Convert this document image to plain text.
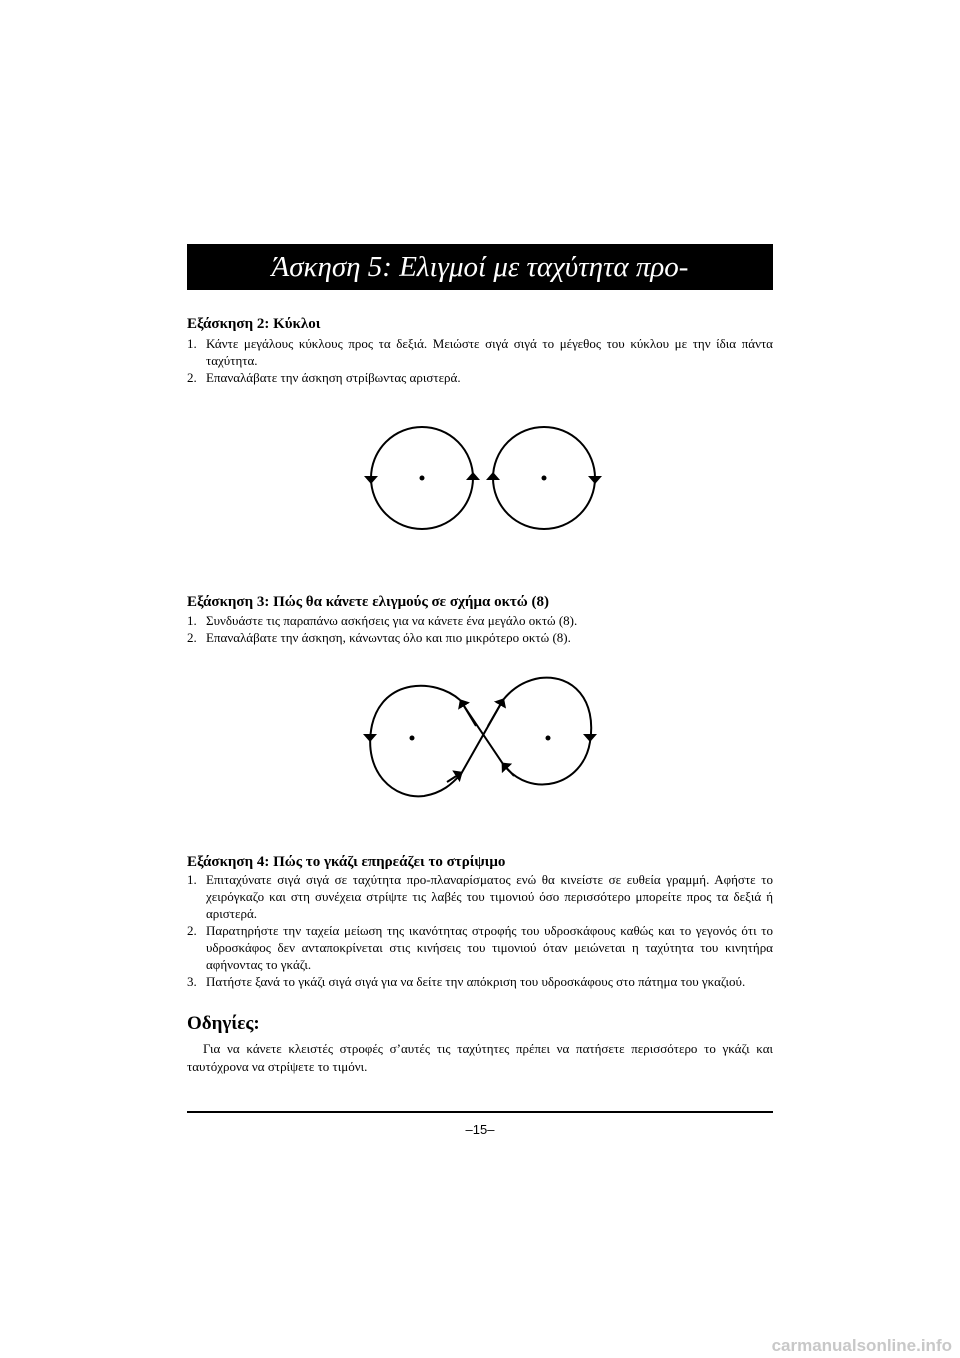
Άσκηση 5: Ελιγμοί με ταχύτητα προ-πλαναρίσματος
Εξάσκηση 2: Κύκλοι
1. Κάντε μεγάλους κύκλους προς τα δεξιά. Μειώστε σιγά σιγά το μέγεθος του κύκλου με την ίδια πάντα ταχύτητα.
2. Επαναλάβατε την άσκηση στρίβωντας αριστερά.
Εξάσκηση 3: Πώς θα κάνετε ελιγμούς σε σχήμα οκτώ (8)
1. Συνδυάστε τις παραπάνω ασκήσεις για να κάνετε ένα μεγάλο οκτώ (8).
2. Επαναλάβατε την άσκηση, κάνωντας όλο και πιο μικρότερο οκτώ (8).
Εξάσκηση 4: Πώς το γκάζι επηρεάζει το στρίψιμο
1. Επιταχύνατε σιγά σιγά σε ταχύτητα προ-πλαναρίσματος ενώ θα κινείστε σε ευθεία γραμμή. Αφήστε το χειρόγκαζο και στη συνέχεια στρίψτε τις λαβές του τιμονιού όσο περισσότερο μπορείτε προς τα δεξιά ή αριστερά.
2. Παρατηρήστε την ταχεία μείωση της ικανότητας στροφής του υδροσκάφους καθώς και το γεγονός ότι το υδροσκάφος δεν ανταποκρίνεται στις κινήσεις του τιμονιού όταν μειώνεται η ταχύτητα του κινητήρα αφήνοντας το γκάζι.
3. Πατήστε ξανά το γκάζι σιγά σιγά για να δείτε την απόκριση του υδροσκάφους στο πάτημα του γκαζιού.
Οδηγίες:

Για να κάνετε κλειστές στροφές σ’αυτές τις ταχύτητες πρέπει να πατήσετε περισσότερο το γκάζι και ταυτόχρονα να στρίψετε το τιμόνι.

–15–
carmanualsonline.info
